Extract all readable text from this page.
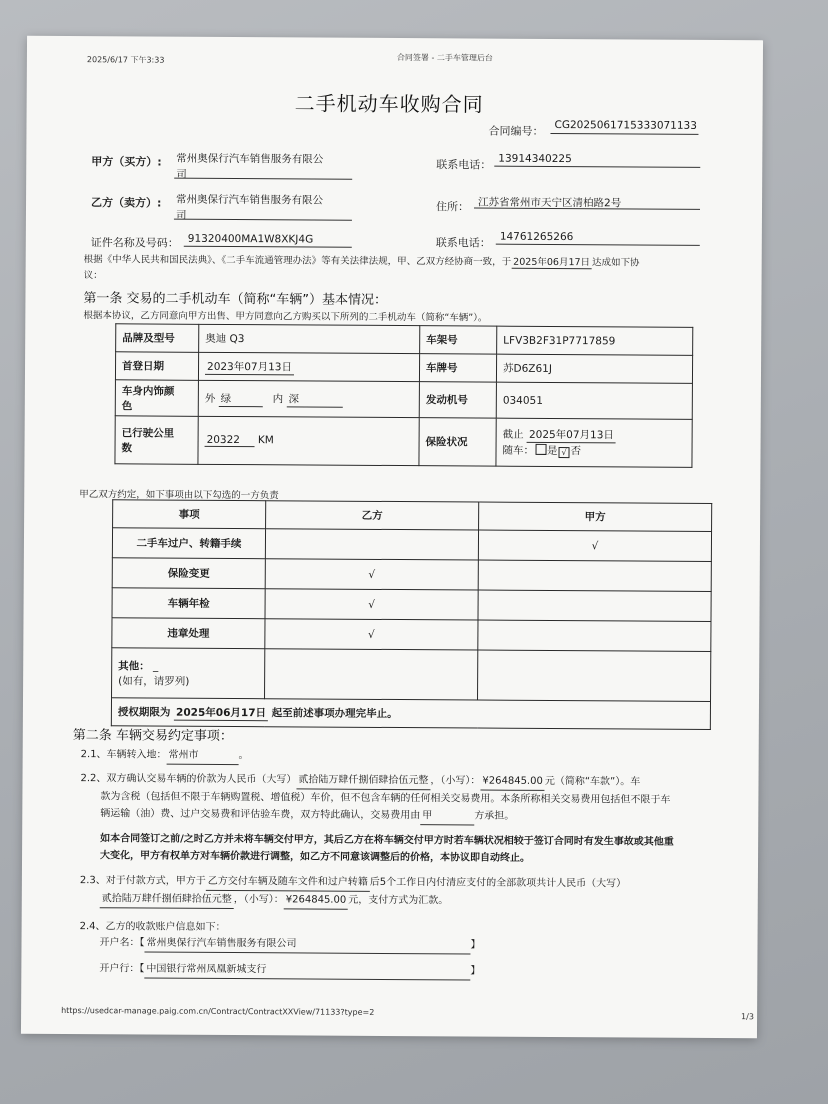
2025/6/17 下午3:33	合同签署 - 二手车管理后台
二手机动车收购合同
合同编号： CG2025061715333071133
甲方（买方）: 常州奥保行汽车销售服务有限公
司
联系电话： 13914340225
乙方（卖方）: 常州奥保行汽车销售服务有限公
司
住所： 江苏省常州市天宁区清柏路2号
证件名称及号码： 91320400MA1W8XKJ4G	联系电话： 14761265266
根据《中华人民共和国民法典》、《二手车流通管理办法》等有关法律法规，甲、乙双方经协商一致，于 2025年06月17日 达成如下协
议：
第一条 交易的二手机动车（简称“车辆”）基本情况：
根据本协议，乙方同意向甲方出售、甲方同意向乙方购买以下所列的二手机动车（简称“车辆”）。
品牌及型号	奥迪 Q3	车架号	LFV3B2F31P7717859
首登日期	2023年07月13日	车牌号	苏D6Z61J
车身内饰颜
色	外 绿 内 深	发动机号	034051
已行驶公里
数	20322 KM	保险状况	截止 2025年07月13日
随车： 是 √ 否
甲乙双方约定，如下事项由以下勾选的一方负责
事项	乙方	甲方
二手车过户、转籍手续		√
保险变更	√	
车辆年检	√	
违章处理	√	
其他： _
(如有，请罗列)		
授权期限为 2025年06月17日 起至前述事项办理完毕止。		
第二条 车辆交易约定事项：
2.1、车辆转入地： 常州市	。
2.2、双方确认交易车辆的价款为人民币（大写） 贰拾陆万肆仟捌佰肆拾伍元整 ，（小写）： ¥264845.00 元（简称“车款”）。车
款为含税（包括但不限于车辆购置税、增值税）车价，但不包含车辆的任何相关交易费用。本条所称相关交易费用包括但不限于车
辆运输（油）费、过户交易费和评估验车费，双方特此确认，交易费用由 甲	方承担。
如本合同签订之前/之时乙方并未将车辆交付甲方，其后乙方在将车辆交付甲方时若车辆状况相较于签订合同时有发生事故或其他重
大变化，甲方有权单方对车辆价款进行调整，如乙方不同意该调整后的价格，本协议即自动终止。
2.3、对于付款方式，甲方于 乙方交付车辆及随车文件和过户转籍 后5个工作日内付清应支付的全部款项共计人民币（大写）
贰拾陆万肆仟捌佰肆拾伍元整 ，（小写）： ¥264845.00 元，支付方式为汇款。
2.4、乙方的收款账户信息如下：
开户名：【 常州奥保行汽车销售服务有限公司	】
开户行：【 中国银行常州凤凰新城支行	】
https://usedcar-manage.paig.com.cn/Contract/ContractXXView/71133?type=2	1/3
